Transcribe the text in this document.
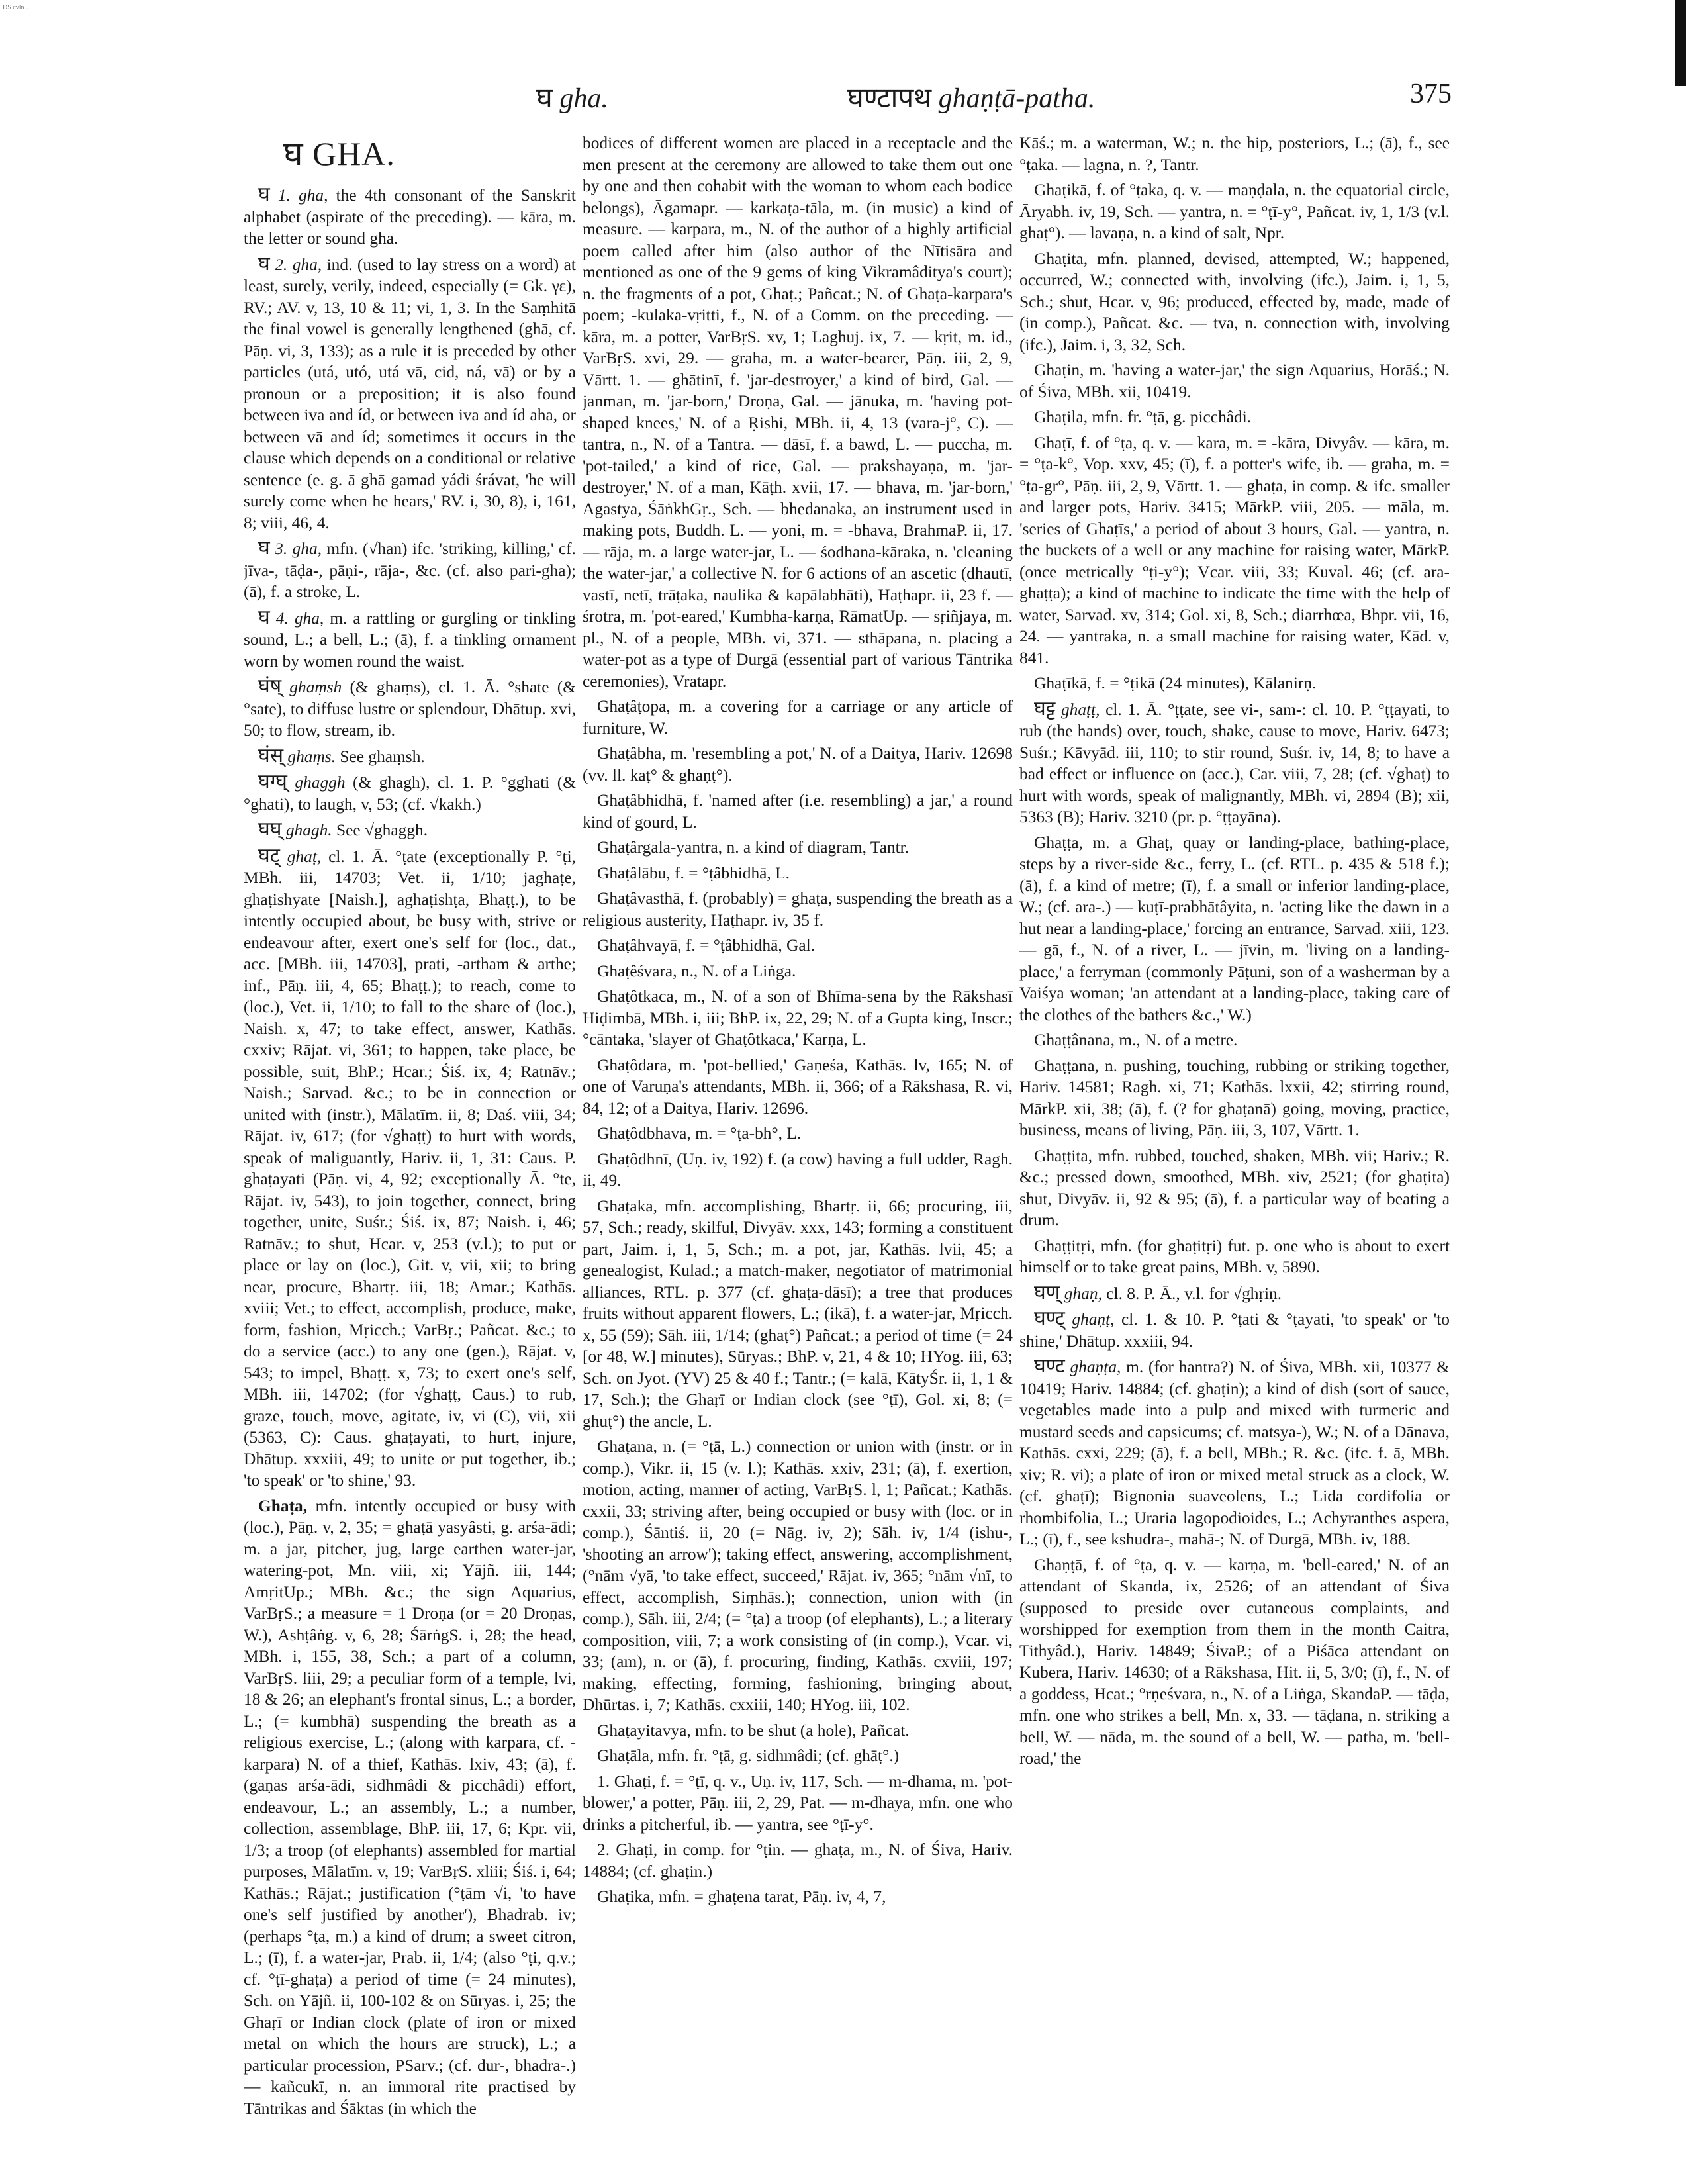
DS cvln ...
घ gha.	घण्टापथ ghaṇṭā-patha.	375
घ GHA.
घ 1. gha, the 4th consonant of the Sanskrit alphabet (aspirate of the preceding). — kāra, m. the letter or sound gha.
घ 2. gha, ind. (used to lay stress on a word) at least, surely, verily, indeed, especially (= Gk. γε), RV.; AV. v, 13, 10 & 11; vi, 1, 3. In the Saṃhitā the final vowel is generally lengthened (ghā, cf. Pāṇ. vi, 3, 133); as a rule it is preceded by other particles (utá, utó, utá vā, cid, ná, vā) or by a pronoun or a preposition; it is also found between iva and íd, or between iva and íd aha, or between vā and íd; sometimes it occurs in the clause which depends on a conditional or relative sentence (e. g. ā ghā gamad yádi śrávat, 'he will surely come when he hears,' RV. i, 30, 8), i, 161, 8; viii, 46, 4.
घ 3. gha, mfn. (√han) ifc. 'striking, killing,' cf. jīva-, tāḍa-, pāṇi-, rāja-, &c. (cf. also pari-gha); (ā), f. a stroke, L.
घ 4. gha, m. a rattling or gurgling or tinkling sound, L.; a bell, L.; (ā), f. a tinkling ornament worn by women round the waist.
घंष् ghaṃsh (& ghaṃs), cl. 1. Ā. °shate (& °sate), to diffuse lustre or splendour, Dhātup. xvi, 50; to flow, stream, ib.
घंस् ghaṃs. See ghaṃsh.
घग्घ् ghaggh (& ghagh), cl. 1. P. °gghati (& °ghati), to laugh, v, 53; (cf. √kakh.)
घघ् ghagh. See √ghaggh.
घट् ghaṭ, cl. 1. Ā. °ṭate (exceptionally P. °ṭi, MBh. iii, 14703; Vet. ii, 1/10; jaghaṭe, ghaṭishyate [Naish.], aghaṭishṭa, Bhaṭṭ.), to be intently occupied about, be busy with, strive or endeavour after, exert one's self for (loc., dat., acc. [MBh. iii, 14703], prati, -artham & arthe; inf., Pāṇ. iii, 4, 65; Bhaṭṭ.); to reach, come to (loc.), Vet. ii, 1/10; to fall to the share of (loc.), Naish. x, 47; to take effect, answer, Kathās. cxxiv; Rājat. vi, 361; to happen, take place, be possible, suit, BhP.; Hcar.; Śiś. ix, 4; Ratnāv.; Naish.; Sarvad. &c.; to be in connection or united with (instr.), Mālatīm. ii, 8; Daś. viii, 34; Rājat. iv, 617; (for √ghaṭṭ) to hurt with words, speak of maliguantly, Hariv. ii, 1, 31: Caus. P. ghaṭayati (Pāṇ. vi, 4, 92; exceptionally Ā. °te, Rājat. iv, 543), to join together, connect, bring together, unite, Suśr.; Śiś. ix, 87; Naish. i, 46; Ratnāv.; to shut, Hcar. v, 253 (v.l.); to put or place or lay on (loc.), Git. v, vii, xii; to bring near, procure, Bhartṛ. iii, 18; Amar.; Kathās. xviii; Vet.; to effect, accomplish, produce, make, form, fashion, Mṛicch.; VarBṛ.; Pañcat. &c.; to do a service (acc.) to any one (gen.), Rājat. v, 543; to impel, Bhaṭṭ. x, 73; to exert one's self, MBh. iii, 14702; (for √ghaṭṭ, Caus.) to rub, graze, touch, move, agitate, iv, vi (C), vii, xii (5363, C): Caus. ghaṭayati, to hurt, injure, Dhātup. xxxiii, 49; to unite or put together, ib.; 'to speak' or 'to shine,' 93.
Ghaṭa, mfn. intently occupied or busy with (loc.), Pāṇ. v, 2, 35; = ghaṭā yasyâsti, g. arśa-ādi; m. a jar, pitcher, jug, large earthen water-jar, watering-pot, Mn. viii, xi; Yājñ. iii, 144; AmṛitUp.; MBh. &c.; the sign Aquarius, VarBṛS.; a measure = 1 Droṇa (or = 20 Droṇas, W.), Ashṭâṅg. v, 6, 28; ŚārṅgS. i, 28; the head, MBh. i, 155, 38, Sch.; a part of a column, VarBṛS. liii, 29; a peculiar form of a temple, lvi, 18 & 26; an elephant's frontal sinus, L.; a border, L.; (= kumbhā) suspending the breath as a religious exercise, L.; (along with karpara, cf. -karpara) N. of a thief, Kathās. lxiv, 43; (ā), f. (gaṇas arśa-ādi, sidhmâdi & picchâdi) effort, endeavour, L.; an assembly, L.; a number, collection, assemblage, BhP. iii, 17, 6; Kpr. vii, 1/3; a troop (of elephants) assembled for martial purposes, Mālatīm. v, 19; VarBṛS. xliii; Śiś. i, 64; Kathās.; Rājat.; justification (°ṭām √i, 'to have one's self justified by another'), Bhadrab. iv; (perhaps °ṭa, m.) a kind of drum; a sweet citron, L.; (ī), f. a water-jar, Prab. ii, 1/4; (also °ṭi, q.v.; cf. °ṭī-ghaṭa) a period of time (= 24 minutes), Sch. on Yājñ. ii, 100-102 & on Sūryas. i, 25; the Ghaṛī or Indian clock (plate of iron or mixed metal on which the hours are struck), L.; a particular procession, PSarv.; (cf. dur-, bhadra-.) — kañcukī, n. an immoral rite practised by Tāntrikas and Śāktas (in which the
bodices of different women are placed in a receptacle and the men present at the ceremony are allowed to take them out one by one and then cohabit with the woman to whom each bodice belongs), Āgamapr. — karkaṭa-tāla, m. (in music) a kind of measure. — karpara, m., N. of the author of a highly artificial poem called after him (also author of the Nītisāra and mentioned as one of the 9 gems of king Vikramâditya's court); n. the fragments of a pot, Ghaṭ.; Pañcat.; N. of Ghaṭa-karpara's poem; -kulaka-vṛitti, f., N. of a Comm. on the preceding. — kāra, m. a potter, VarBṛS. xv, 1; Laghuj. ix, 7. — kṛit, m. id., VarBṛS. xvi, 29. — graha, m. a water-bearer, Pāṇ. iii, 2, 9, Vārtt. 1. — ghātinī, f. 'jar-destroyer,' a kind of bird, Gal. — janman, m. 'jar-born,' Droṇa, Gal. — jānuka, m. 'having pot-shaped knees,' N. of a Ṛishi, MBh. ii, 4, 13 (vara-j°, C). — tantra, n., N. of a Tantra. — dāsī, f. a bawd, L. — puccha, m. 'pot-tailed,' a kind of rice, Gal. — prakshayaṇa, m. 'jar-destroyer,' N. of a man, Kāṭh. xvii, 17. — bhava, m. 'jar-born,' Agastya, ŚāṅkhGṛ., Sch. — bhedanaka, an instrument used in making pots, Buddh. L. — yoni, m. = -bhava, BrahmaP. ii, 17. — rāja, m. a large water-jar, L. — śodhana-kāraka, n. 'cleaning the water-jar,' a collective N. for 6 actions of an ascetic (dhautī, vastī, netī, trāṭaka, naulika & kapālabhāti), Haṭhapr. ii, 23 f. — śrotra, m. 'pot-eared,' Kumbha-karṇa, RāmatUp. — sṛiñjaya, m. pl., N. of a people, MBh. vi, 371. — sthāpana, n. placing a water-pot as a type of Durgā (essential part of various Tāntrika ceremonies), Vratapr.
Ghaṭâṭopa, m. a covering for a carriage or any article of furniture, W.
Ghaṭâbha, m. 'resembling a pot,' N. of a Daitya, Hariv. 12698 (vv. ll. kaṭ° & ghaṇṭ°).
Ghaṭâbhidhā, f. 'named after (i.e. resembling) a jar,' a round kind of gourd, L.
Ghaṭârgala-yantra, n. a kind of diagram, Tantr.
Ghaṭâlābu, f. = °ṭâbhidhā, L.
Ghaṭâvasthā, f. (probably) = ghaṭa, suspending the breath as a religious austerity, Haṭhapr. iv, 35 f.
Ghaṭâhvayā, f. = °ṭâbhidhā, Gal.
Ghaṭêśvara, n., N. of a Liṅga.
Ghaṭôtkaca, m., N. of a son of Bhīma-sena by the Rākshasī Hiḍimbā, MBh. i, iii; BhP. ix, 22, 29; N. of a Gupta king, Inscr.; °cāntaka, 'slayer of Ghaṭôtkaca,' Karṇa, L.
Ghaṭôdara, m. 'pot-bellied,' Gaṇeśa, Kathās. lv, 165; N. of one of Varuṇa's attendants, MBh. ii, 366; of a Rākshasa, R. vi, 84, 12; of a Daitya, Hariv. 12696.
Ghaṭôdbhava, m. = °ṭa-bh°, L.
Ghaṭôdhnī, (Uṇ. iv, 192) f. (a cow) having a full udder, Ragh. ii, 49.
Ghaṭaka, mfn. accomplishing, Bhartṛ. ii, 66; procuring, iii, 57, Sch.; ready, skilful, Divyāv. xxx, 143; forming a constituent part, Jaim. i, 1, 5, Sch.; m. a pot, jar, Kathās. lvii, 45; a genealogist, Kulad.; a match-maker, negotiator of matrimonial alliances, RTL. p. 377 (cf. ghaṭa-dāsī); a tree that produces fruits without apparent flowers, L.; (ikā), f. a water-jar, Mṛicch. x, 55 (59); Sāh. iii, 1/14; (ghaṭ°) Pañcat.; a period of time (= 24 [or 48, W.] minutes), Sūryas.; BhP. v, 21, 4 & 10; HYog. iii, 63; Sch. on Jyot. (YV) 25 & 40 f.; Tantr.; (= kalā, KātyŚr. ii, 1, 1 & 17, Sch.); the Ghaṛī or Indian clock (see °ṭī), Gol. xi, 8; (= ghuṭ°) the ancle, L.
Ghaṭana, n. (= °ṭā, L.) connection or union with (instr. or in comp.), Vikr. ii, 15 (v. l.); Kathās. xxiv, 231; (ā), f. exertion, motion, acting, manner of acting, VarBṛS. l, 1; Pañcat.; Kathās. cxxii, 33; striving after, being occupied or busy with (loc. or in comp.), Śāntiś. ii, 20 (= Nāg. iv, 2); Sāh. iv, 1/4 (ishu-, 'shooting an arrow'); taking effect, answering, accomplishment, (°nām √yā, 'to take effect, succeed,' Rājat. iv, 365; °nām √nī, to effect, accomplish, Siṃhās.); connection, union with (in comp.), Sāh. iii, 2/4; (= °ṭa) a troop (of elephants), L.; a literary composition, viii, 7; a work consisting of (in comp.), Vcar. vi, 33; (am), n. or (ā), f. procuring, finding, Kathās. cxviii, 197; making, effecting, forming, fashioning, bringing about, Dhūrtas. i, 7; Kathās. cxxiii, 140; HYog. iii, 102.
Ghaṭayitavya, mfn. to be shut (a hole), Pañcat.
Ghaṭāla, mfn. fr. °ṭā, g. sidhmâdi; (cf. ghāṭ°.)
1. Ghaṭi, f. = °ṭī, q. v., Uṇ. iv, 117, Sch. — m-dhama, m. 'pot-blower,' a potter, Pāṇ. iii, 2, 29, Pat. — m-dhaya, mfn. one who drinks a pitcherful, ib. — yantra, see °ṭī-y°.
2. Ghaṭi, in comp. for °ṭin. — ghaṭa, m., N. of Śiva, Hariv. 14884; (cf. ghaṭin.)
Ghaṭika, mfn. = ghaṭena tarat, Pāṇ. iv, 4, 7,
Kāś.; m. a waterman, W.; n. the hip, posteriors, L.; (ā), f., see °ṭaka. — lagna, n. ?, Tantr.
Ghaṭikā, f. of °ṭaka, q. v. — maṇḍala, n. the equatorial circle, Āryabh. iv, 19, Sch. — yantra, n. = °ṭī-y°, Pañcat. iv, 1, 1/3 (v.l. ghaṭ°). — lavaṇa, n. a kind of salt, Npr.
Ghaṭita, mfn. planned, devised, attempted, W.; happened, occurred, W.; connected with, involving (ifc.), Jaim. i, 1, 5, Sch.; shut, Hcar. v, 96; produced, effected by, made, made of (in comp.), Pañcat. &c. — tva, n. connection with, involving (ifc.), Jaim. i, 3, 32, Sch.
Ghaṭin, m. 'having a water-jar,' the sign Aquarius, Horāś.; N. of Śiva, MBh. xii, 10419.
Ghaṭila, mfn. fr. °ṭā, g. picchâdi.
Ghaṭī, f. of °ṭa, q. v. — kara, m. = -kāra, Divyâv. — kāra, m. = °ṭa-k°, Vop. xxv, 45; (ī), f. a potter's wife, ib. — graha, m. = °ṭa-gr°, Pāṇ. iii, 2, 9, Vārtt. 1. — ghaṭa, in comp. & ifc. smaller and larger pots, Hariv. 3415; MārkP. viii, 205. — māla, m. 'series of Ghaṭīs,' a period of about 3 hours, Gal. — yantra, n. the buckets of a well or any machine for raising water, MārkP. (once metrically °ṭi-y°); Vcar. viii, 33; Kuval. 46; (cf. ara-ghaṭṭa); a kind of machine to indicate the time with the help of water, Sarvad. xv, 314; Gol. xi, 8, Sch.; diarrhœa, Bhpr. vii, 16, 24. — yantraka, n. a small machine for raising water, Kād. v, 841.
Ghaṭīkā, f. = °ṭikā (24 minutes), Kālanirṇ.
घट्ट ghaṭṭ, cl. 1. Ā. °ṭṭate, see vi-, sam-: cl. 10. P. °ṭṭayati, to rub (the hands) over, touch, shake, cause to move, Hariv. 6473; Suśr.; Kāvyād. iii, 110; to stir round, Suśr. iv, 14, 8; to have a bad effect or influence on (acc.), Car. viii, 7, 28; (cf. √ghaṭ) to hurt with words, speak of malignantly, MBh. vi, 2894 (B); xii, 5363 (B); Hariv. 3210 (pr. p. °ṭṭayāna).
Ghaṭṭa, m. a Ghaṭ, quay or landing-place, bathing-place, steps by a river-side &c., ferry, L. (cf. RTL. p. 435 & 518 f.); (ā), f. a kind of metre; (ī), f. a small or inferior landing-place, W.; (cf. ara-.) — kuṭī-prabhātâyita, n. 'acting like the dawn in a hut near a landing-place,' forcing an entrance, Sarvad. xiii, 123. — gā, f., N. of a river, L. — jīvin, m. 'living on a landing-place,' a ferryman (commonly Pāṭuni, son of a washerman by a Vaiśya woman; 'an attendant at a landing-place, taking care of the clothes of the bathers &c.,' W.)
Ghaṭṭânana, m., N. of a metre.
Ghaṭṭana, n. pushing, touching, rubbing or striking together, Hariv. 14581; Ragh. xi, 71; Kathās. lxxii, 42; stirring round, MārkP. xii, 38; (ā), f. (? for ghaṭanā) going, moving, practice, business, means of living, Pāṇ. iii, 3, 107, Vārtt. 1.
Ghaṭṭita, mfn. rubbed, touched, shaken, MBh. vii; Hariv.; R. &c.; pressed down, smoothed, MBh. xiv, 2521; (for ghaṭita) shut, Divyāv. ii, 92 & 95; (ā), f. a particular way of beating a drum.
Ghaṭṭitṛi, mfn. (for ghaṭitṛi) fut. p. one who is about to exert himself or to take great pains, MBh. v, 5890.
घण् ghaṇ, cl. 8. P. Ā., v.l. for √ghṛiṇ.
घण्ट् ghaṇṭ, cl. 1. & 10. P. °ṭati & °ṭayati, 'to speak' or 'to shine,' Dhātup. xxxiii, 94.
घण्ट ghaṇṭa, m. (for hantra?) N. of Śiva, MBh. xii, 10377 & 10419; Hariv. 14884; (cf. ghaṭin); a kind of dish (sort of sauce, vegetables made into a pulp and mixed with turmeric and mustard seeds and capsicums; cf. matsya-), W.; N. of a Dānava, Kathās. cxxi, 229; (ā), f. a bell, MBh.; R. &c. (ifc. f. ā, MBh. xiv; R. vi); a plate of iron or mixed metal struck as a clock, W. (cf. ghaṭī); Bignonia suaveolens, L.; Lida cordifolia or rhombifolia, L.; Uraria lagopodioides, L.; Achyranthes aspera, L.; (ī), f., see kshudra-, mahā-; N. of Durgā, MBh. iv, 188.
Ghaṇṭā, f. of °ṭa, q. v. — karṇa, m. 'bell-eared,' N. of an attendant of Skanda, ix, 2526; of an attendant of Śiva (supposed to preside over cutaneous complaints, and worshipped for exemption from them in the month Caitra, Tithyâd.), Hariv. 14849; ŚivaP.; of a Piśāca attendant on Kubera, Hariv. 14630; of a Rākshasa, Hit. ii, 5, 3/0; (ī), f., N. of a goddess, Hcat.; °rṇeśvara, n., N. of a Liṅga, SkandaP. — tāḍa, mfn. one who strikes a bell, Mn. x, 33. — tāḍana, n. striking a bell, W. — nāda, m. the sound of a bell, W. — patha, m. 'bell-road,' the
